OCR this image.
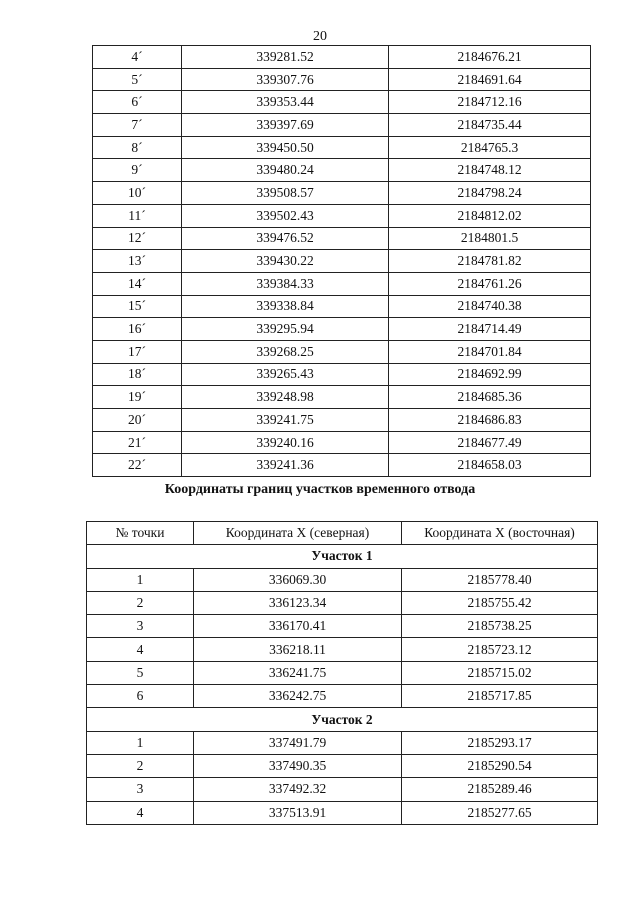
20
4´	339281.52	2184676.21
5´	339307.76	2184691.64
6´	339353.44	2184712.16
7´	339397.69	2184735.44
8´	339450.50	2184765.3
9´	339480.24	2184748.12
10´	339508.57	2184798.24
11´	339502.43	2184812.02
12´	339476.52	2184801.5
13´	339430.22	2184781.82
14´	339384.33	2184761.26
15´	339338.84	2184740.38
16´	339295.94	2184714.49
17´	339268.25	2184701.84
18´	339265.43	2184692.99
19´	339248.98	2184685.36
20´	339241.75	2184686.83
21´	339240.16	2184677.49
22´	339241.36	2184658.03
Координаты границ участков временного отвода
№ точки	Координата X (северная)	Координата X (восточная)
Участок 1		
1	336069.30	2185778.40
2	336123.34	2185755.42
3	336170.41	2185738.25
4	336218.11	2185723.12
5	336241.75	2185715.02
6	336242.75	2185717.85
Участок 2		
1	337491.79	2185293.17
2	337490.35	2185290.54
3	337492.32	2185289.46
4	337513.91	2185277.65
